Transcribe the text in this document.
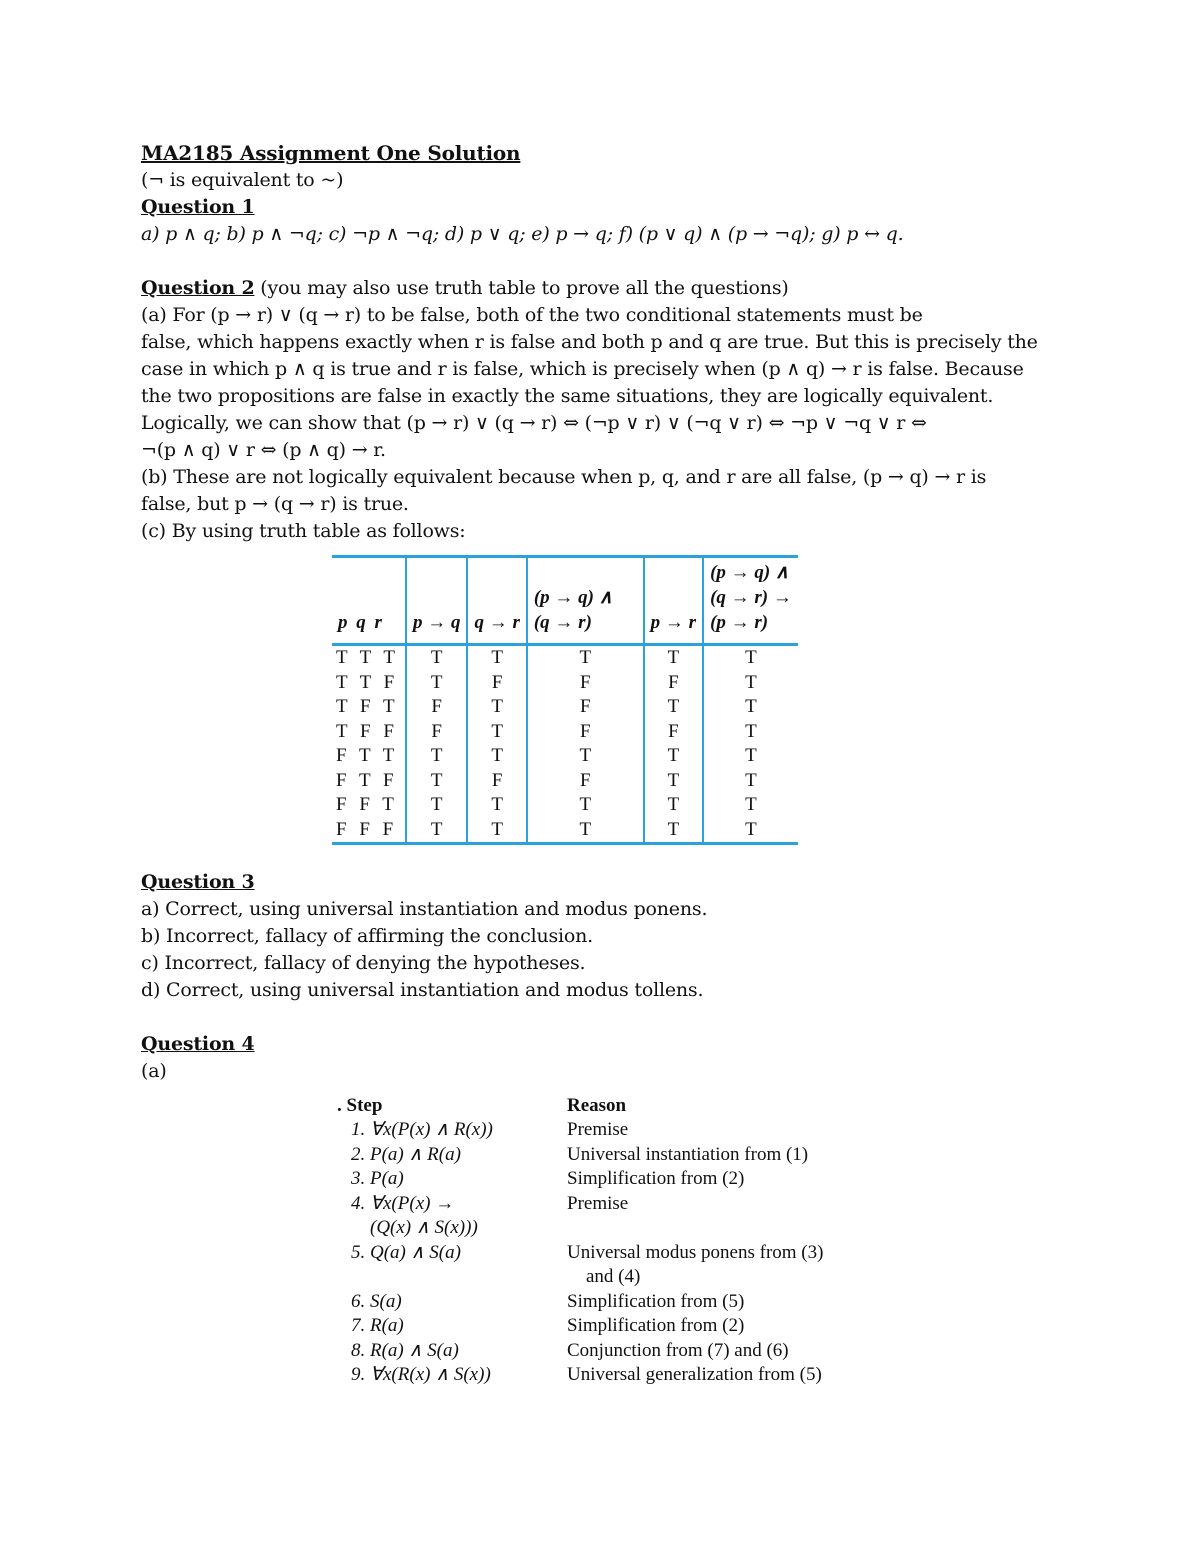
MA2185 Assignment One Solution

(¬ is equivalent to ~)

Question 1

a) p ∧ q; b) p ∧ ¬q; c) ¬p ∧ ¬q; d) p ∨ q; e) p → q; f) (p ∨ q) ∧ (p → ¬q); g) p ↔ q.

Question 2 (you may also use truth table to prove all the questions)

(a) For (p → r) ∨ (q → r) to be false, both of the two conditional statements must be

false, which happens exactly when r is false and both p and q are true. But this is precisely the

case in which p ∧ q is true and r is false, which is precisely when (p ∧ q) → r is false. Because

the two propositions are false in exactly the same situations, they are logically equivalent.

Logically, we can show that (p → r) ∨ (q → r) ⇔ (¬p ∨ r) ∨ (¬q ∨ r) ⇔ ¬p ∨ ¬q ∨ r ⇔

¬(p ∧ q) ∨ r ⇔ (p ∧ q) → r.

(b) These are not logically equivalent because when p, q, and r are all false, (p → q) → r is

false, but p → (q → r) is true.

(c) By using truth table as follows:

p q r	p → q	q → r	(p → q) ∧
(q → r)	p → r	(p → q) ∧
(q → r) →
(p → r)
T T T	T	T	T	T	T
T T F	T	F	F	F	T
T F T	F	T	F	T	T
T F F	F	T	F	F	T
F T T	T	T	T	T	T
F T F	T	F	F	T	T
F F T	T	T	T	T	T
F F F	T	T	T	T	T

Question 3

a) Correct, using universal instantiation and modus ponens.

b) Incorrect, fallacy of affirming the conclusion.

c) Incorrect, fallacy of denying the hypotheses.

d) Correct, using universal instantiation and modus tollens.

Question 4

(a)

. Step	Reason
1. ∀x(P(x) ∧ R(x))	Premise
2. P(a) ∧ R(a)	Universal instantiation from (1)
3. P(a)	Simplification from (2)
4. ∀x(P(x) →	Premise
(Q(x) ∧ S(x)))	
5. Q(a) ∧ S(a)	Universal modus ponens from (3)
	and (4)
6. S(a)	Simplification from (5)
7. R(a)	Simplification from (2)
8. R(a) ∧ S(a)	Conjunction from (7) and (6)
9. ∀x(R(x) ∧ S(x))	Universal generalization from (5)
